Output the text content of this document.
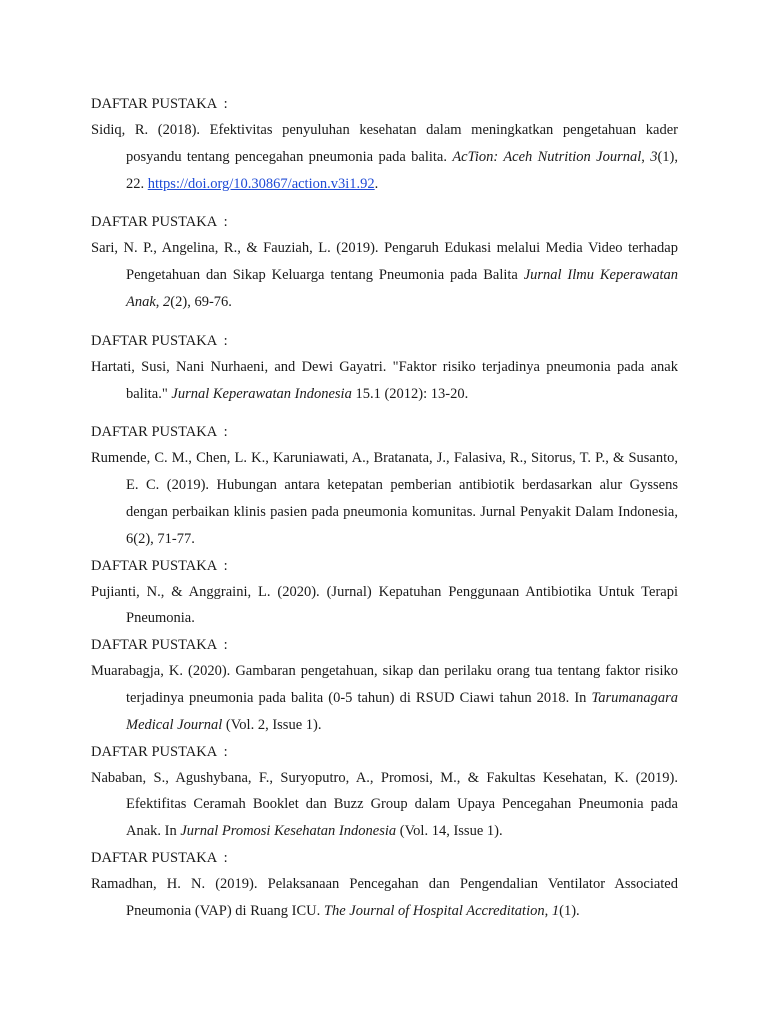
DAFTAR PUSTAKA  :
Sidiq, R. (2018). Efektivitas penyuluhan kesehatan dalam meningkatkan pengetahuan kader posyandu tentang pencegahan pneumonia pada balita. AcTion: Aceh Nutrition Journal, 3(1), 22. https://doi.org/10.30867/action.v3i1.92.
DAFTAR PUSTAKA  :
Sari, N. P., Angelina, R., & Fauziah, L. (2019). Pengaruh Edukasi melalui Media Video terhadap Pengetahuan dan Sikap Keluarga tentang Pneumonia pada Balita Jurnal Ilmu Keperawatan Anak, 2(2), 69-76.
DAFTAR PUSTAKA  :
Hartati, Susi, Nani Nurhaeni, and Dewi Gayatri. "Faktor risiko terjadinya pneumonia pada anak balita." Jurnal Keperawatan Indonesia 15.1 (2012): 13-20.
DAFTAR PUSTAKA  :
Rumende, C. M., Chen, L. K., Karuniawati, A., Bratanata, J., Falasiva, R., Sitorus, T. P., & Susanto, E. C. (2019). Hubungan antara ketepatan pemberian antibiotik berdasarkan alur Gyssens dengan perbaikan klinis pasien pada pneumonia komunitas. Jurnal Penyakit Dalam Indonesia, 6(2), 71-77.
DAFTAR PUSTAKA  :
Pujianti, N., & Anggraini, L. (2020). (Jurnal) Kepatuhan Penggunaan Antibiotika Untuk Terapi Pneumonia.
DAFTAR PUSTAKA  :
Muarabagja, K. (2020). Gambaran pengetahuan, sikap dan perilaku orang tua tentang faktor risiko terjadinya pneumonia pada balita (0-5 tahun) di RSUD Ciawi tahun 2018. In Tarumanagara Medical Journal (Vol. 2, Issue 1).
DAFTAR PUSTAKA  :
Nababan, S., Agushybana, F., Suryoputro, A., Promosi, M., & Fakultas Kesehatan, K. (2019). Efektifitas Ceramah Booklet dan Buzz Group dalam Upaya Pencegahan Pneumonia pada Anak. In Jurnal Promosi Kesehatan Indonesia (Vol. 14, Issue 1).
DAFTAR PUSTAKA  :
Ramadhan, H. N. (2019). Pelaksanaan Pencegahan dan Pengendalian Ventilator Associated Pneumonia (VAP) di Ruang ICU. The Journal of Hospital Accreditation, 1(1).
